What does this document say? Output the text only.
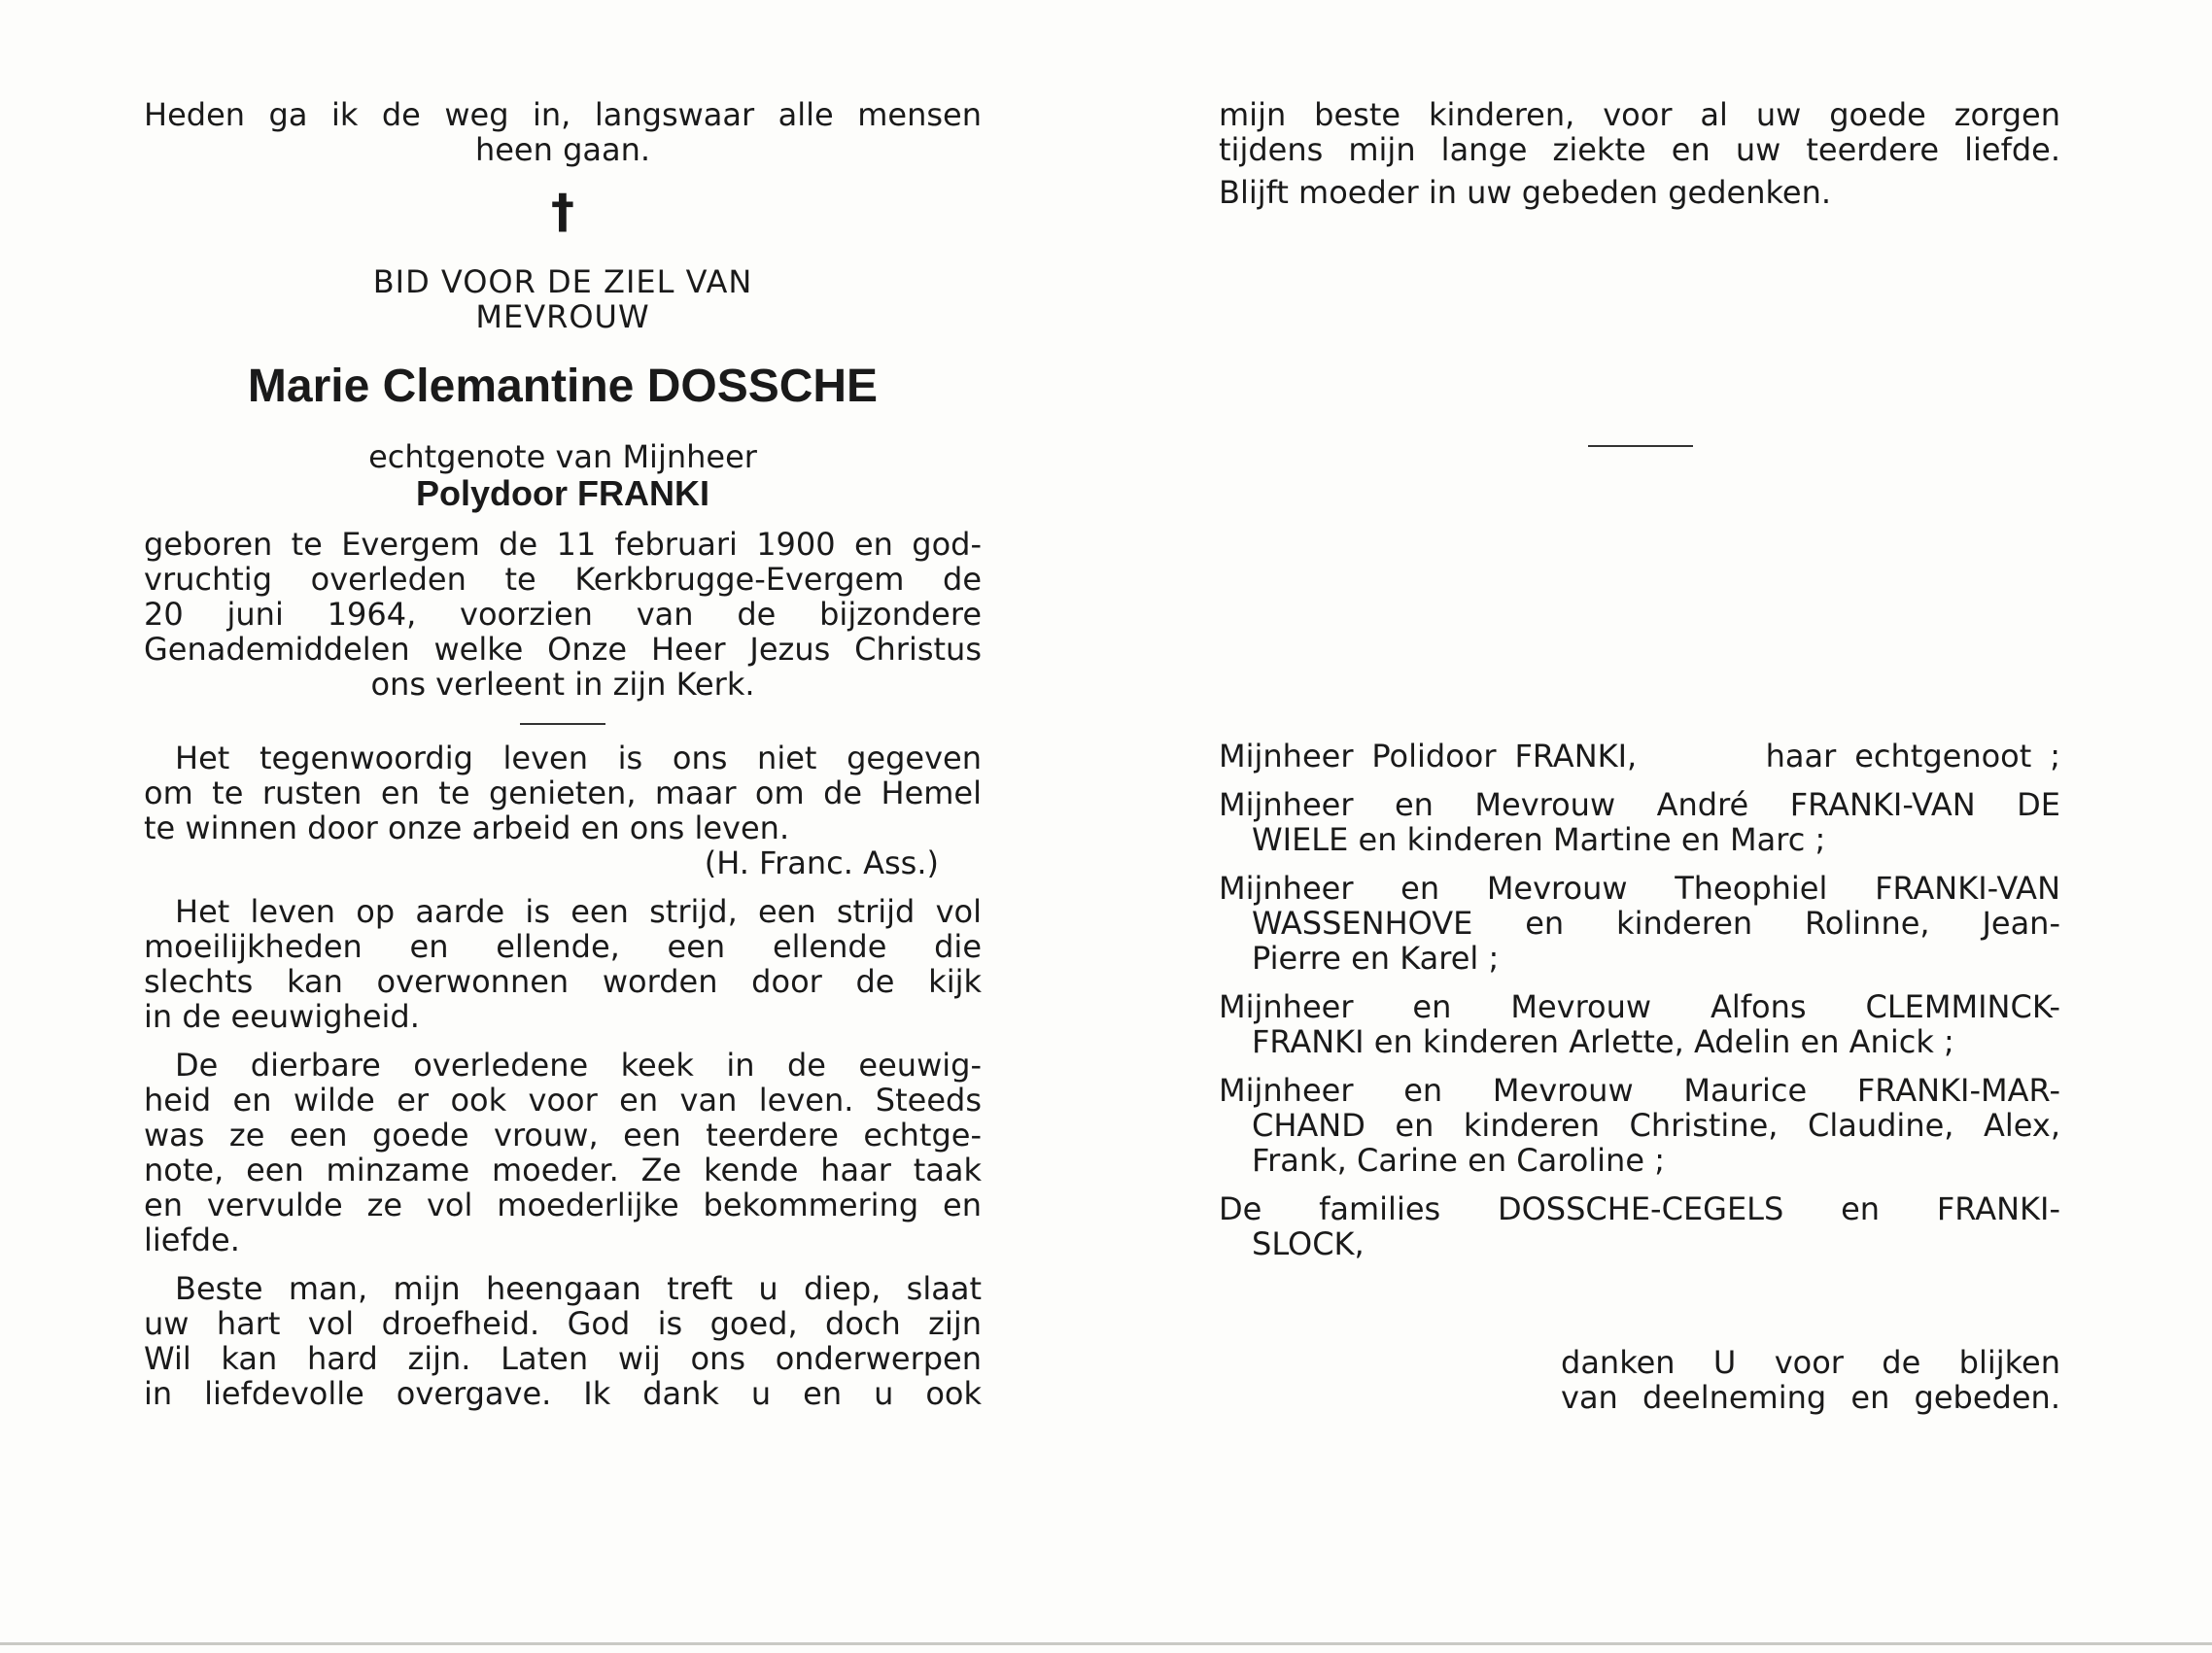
Heden ga ik de weg in, langswaar alle mensen

heen gaan.

†

BID VOOR DE ZIEL VAN

MEVROUW

Marie Clemantine DOSSCHE

echtgenote van Mijnheer

Polydoor FRANKI

geboren te Evergem de 11 februari 1900 en god-

vruchtig overleden te Kerkbrugge-Evergem de

20 juni 1964, voorzien van de bijzondere

Genademiddelen welke Onze Heer Jezus Christus

ons verleent in zijn Kerk.

Het tegenwoordig leven is ons niet gegeven

om te rusten en te genieten, maar om de Hemel

te winnen door onze arbeid en ons leven.

(H. Franc. Ass.)

Het leven op aarde is een strijd, een strijd vol

moeilijkheden en ellende, een ellende die

slechts kan overwonnen worden door de kijk

in de eeuwigheid.

De dierbare overledene keek in de eeuwig-

heid en wilde er ook voor en van leven. Steeds

was ze een goede vrouw, een teerdere echtge-

note, een minzame moeder. Ze kende haar taak

en vervulde ze vol moederlijke bekommering en

liefde.

Beste man, mijn heengaan treft u diep, slaat

uw hart vol droefheid. God is goed, doch zijn

Wil kan hard zijn. Laten wij ons onderwerpen

in liefdevolle overgave. Ik dank u en u ook

mijn beste kinderen, voor al uw goede zorgen

tijdens mijn lange ziekte en uw teerdere liefde.

Blijft moeder in uw gebeden gedenken.

Mijnheer Polidoor FRANKI,       haar echtgenoot ;

Mijnheer en Mevrouw André FRANKI-VAN DE

WIELE en kinderen Martine en Marc ;

Mijnheer en Mevrouw Theophiel FRANKI-VAN

WASSENHOVE en kinderen Rolinne, Jean-

Pierre en Karel ;

Mijnheer en Mevrouw Alfons CLEMMINCK-

FRANKI en kinderen Arlette, Adelin en Anick ;

Mijnheer en Mevrouw Maurice FRANKI-MAR-

CHAND en kinderen Christine, Claudine, Alex,

Frank, Carine en Caroline ;

De families DOSSCHE-CEGELS en FRANKI-

SLOCK,

danken U voor de blijken

van deelneming en gebeden.
